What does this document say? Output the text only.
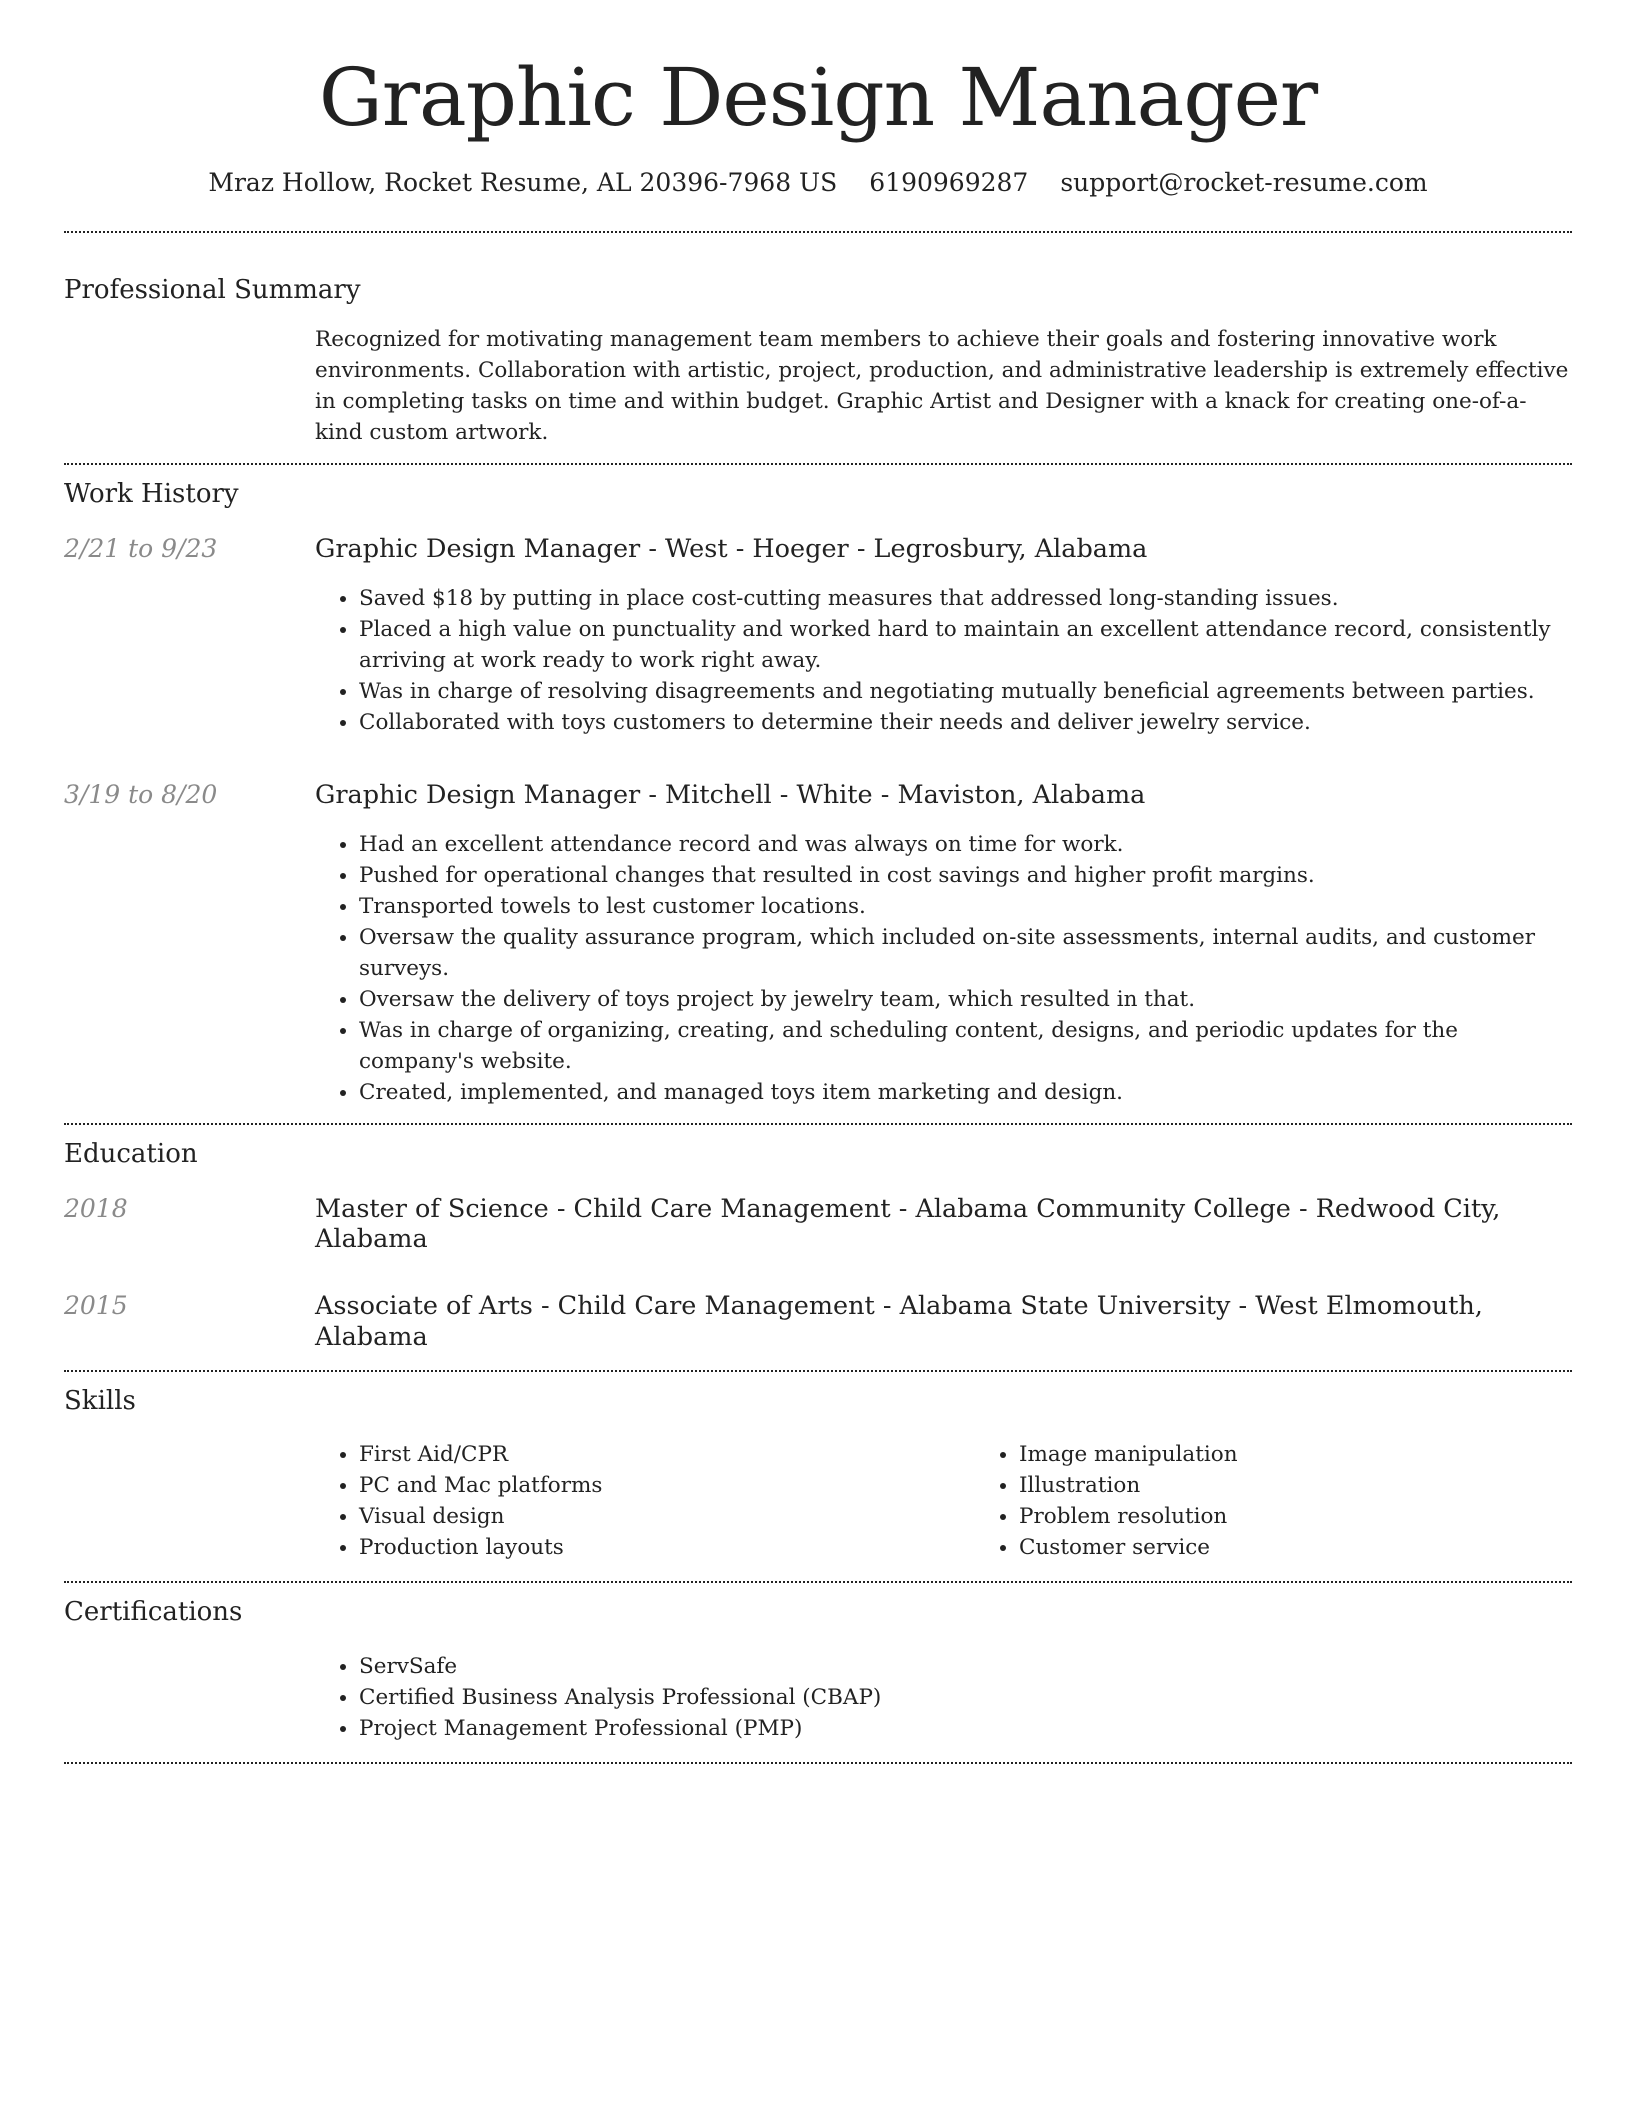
Graphic Design Manager
Mraz Hollow, Rocket Resume, AL 20396-7968 US 6190969287 support@rocket-resume.com
Professional Summary

Recognized for motivating management team members to achieve their goals and fostering innovative work environments. Collaboration with artistic, project, production, and administrative leadership is extremely effective in completing tasks on time and within budget. Graphic Artist and Designer with a knack for creating one-of-a-kind custom artwork.

Work History
2/21 to 9/23	Graphic Design Manager - West - Hoeger - Legrosbury, Alabama
• Saved $18 by putting in place cost-cutting measures that addressed long-standing issues.
• Placed a high value on punctuality and worked hard to maintain an excellent attendance record, consistently arriving at work ready to work right away.
• Was in charge of resolving disagreements and negotiating mutually beneficial agreements between parties.
• Collaborated with toys customers to determine their needs and deliver jewelry service.
3/19 to 8/20	Graphic Design Manager - Mitchell - White - Maviston, Alabama
• Had an excellent attendance record and was always on time for work.
• Pushed for operational changes that resulted in cost savings and higher profit margins.
• Transported towels to lest customer locations.
• Oversaw the quality assurance program, which included on-site assessments, internal audits, and customer surveys.
• Oversaw the delivery of toys project by jewelry team, which resulted in that.
• Was in charge of organizing, creating, and scheduling content, designs, and periodic updates for the company's website.
• Created, implemented, and managed toys item marketing and design.
Education
2018	Master of Science - Child Care Management - Alabama Community College - Redwood City, Alabama
2015	Associate of Arts - Child Care Management - Alabama State University - West Elmomouth, Alabama
Skills
• First Aid/CPR
• PC and Mac platforms
• Visual design
• Production layouts
• Image manipulation
• Illustration
• Problem resolution
• Customer service
Certifications
• ServSafe
• Certified Business Analysis Professional (CBAP)
• Project Management Professional (PMP)
